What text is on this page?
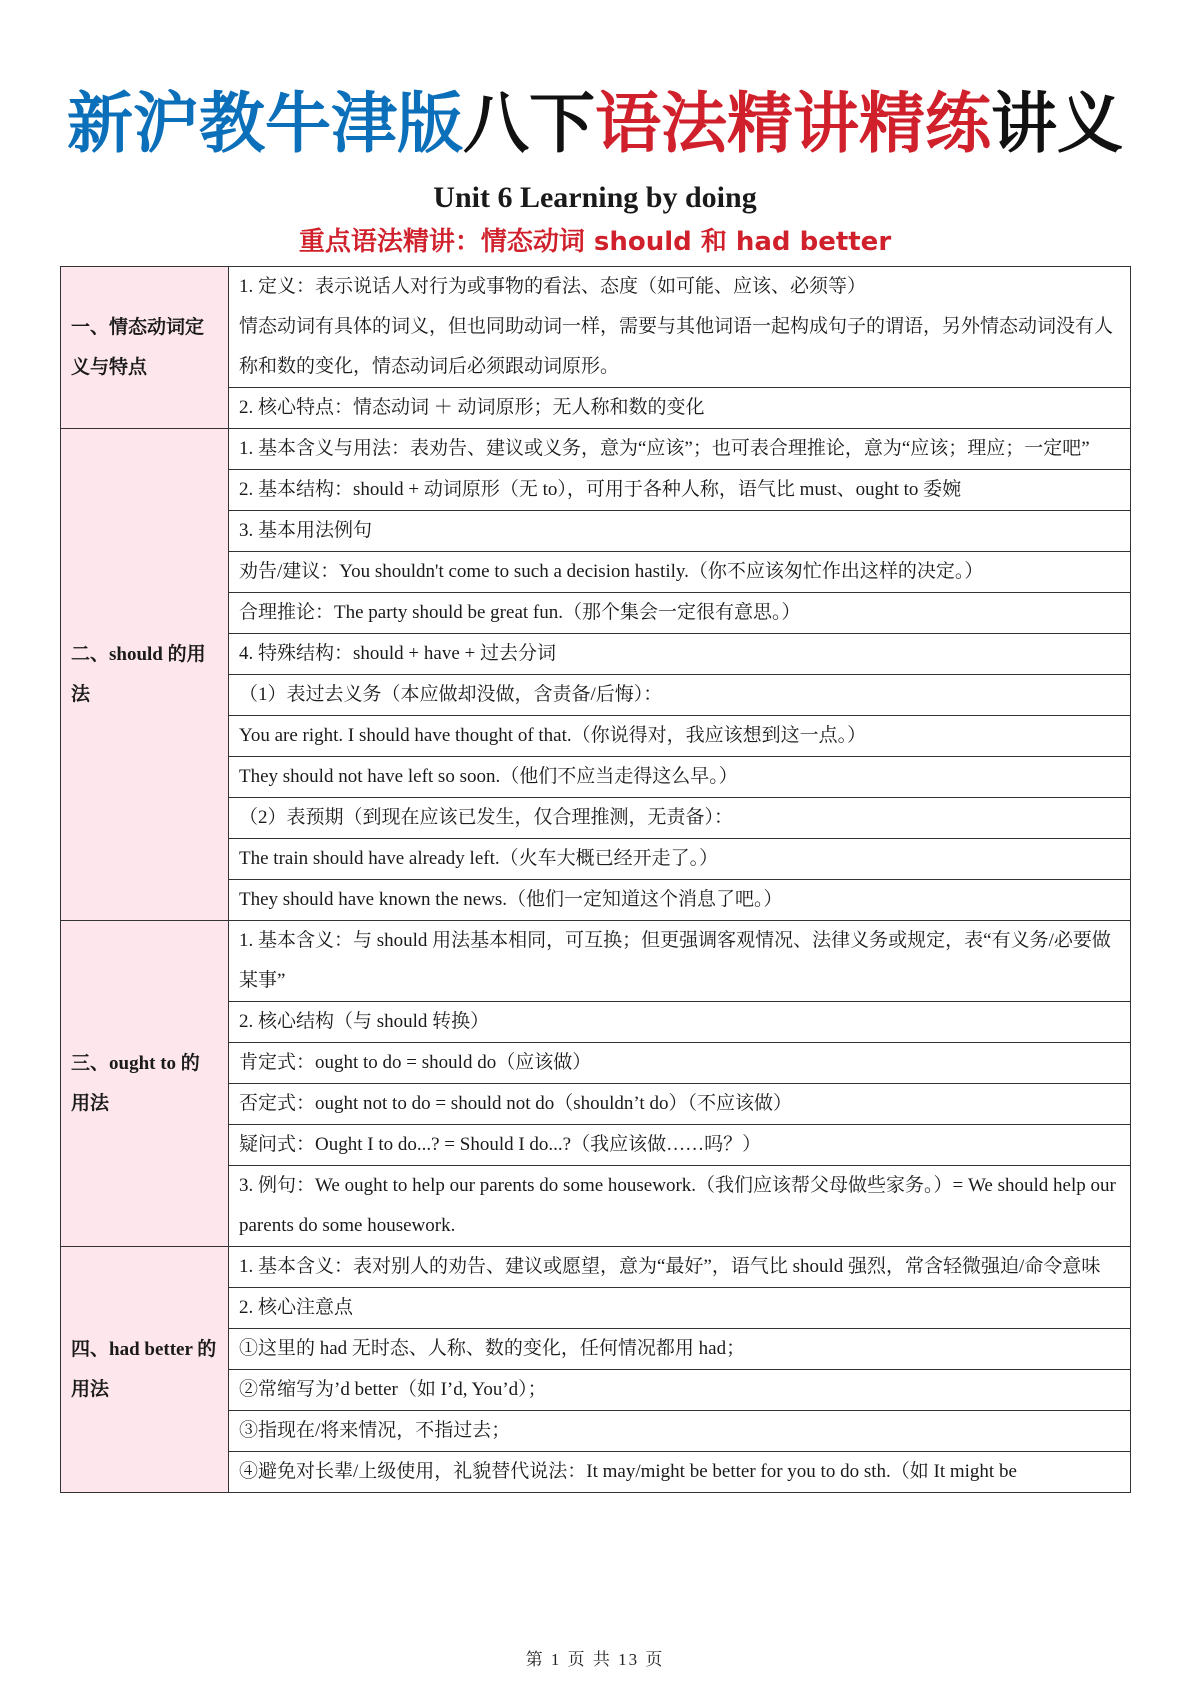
新沪教牛津版八下语法精讲精练讲义
Unit 6 Learning by doing
重点语法精讲：情态动词 should 和 had better
一、情态动词定义与特点	1. 定义：表示说话人对行为或事物的看法、态度（如可能、应该、必须等）
情态动词有具体的词义，但也同助动词一样，需要与其他词语一起构成句子的谓语，另外情态动词没有人称和数的变化，情态动词后必须跟动词原形。
	2. 核心特点：情态动词 ＋ 动词原形；无人称和数的变化
二、should 的用法	1. 基本含义与用法：表劝告、建议或义务，意为“应该”；也可表合理推论，意为“应该；理应；一定吧”
	2. 基本结构：should + 动词原形（无 to），可用于各种人称，语气比 must、ought to 委婉
	3. 基本用法例句
	劝告/建议：You shouldn't come to such a decision hastily.（你不应该匆忙作出这样的决定。）
	合理推论：The party should be great fun.（那个集会一定很有意思。）
	4. 特殊结构：should + have + 过去分词
	（1）表过去义务（本应做却没做，含责备/后悔）：
	You are right. I should have thought of that.（你说得对，我应该想到这一点。）
	They should not have left so soon.（他们不应当走得这么早。）
	（2）表预期（到现在应该已发生，仅合理推测，无责备）：
	The train should have already left.（火车大概已经开走了。）
	They should have known the news.（他们一定知道这个消息了吧。）
三、ought to 的用法	1. 基本含义：与 should 用法基本相同，可互换；但更强调客观情况、法律义务或规定，表“有义务/必要做某事”
	2. 核心结构（与 should 转换）
	肯定式：ought to do = should do（应该做）
	否定式：ought not to do = should not do（shouldn’t do）（不应该做）
	疑问式：Ought I to do...? = Should I do...?（我应该做……吗？）
	3. 例句：We ought to help our parents do some housework.（我们应该帮父母做些家务。）= We should help our parents do some housework.
四、had better 的用法	1. 基本含义：表对别人的劝告、建议或愿望，意为“最好”，语气比 should 强烈，常含轻微强迫/命令意味
	2. 核心注意点
	①这里的 had 无时态、人称、数的变化，任何情况都用 had；
	②常缩写为’d better（如 I’d, You’d）；
	③指现在/将来情况，不指过去；
	④避免对长辈/上级使用，礼貌替代说法：It may/might be better for you to do sth.（如 It might be
第 1 页 共 13 页
